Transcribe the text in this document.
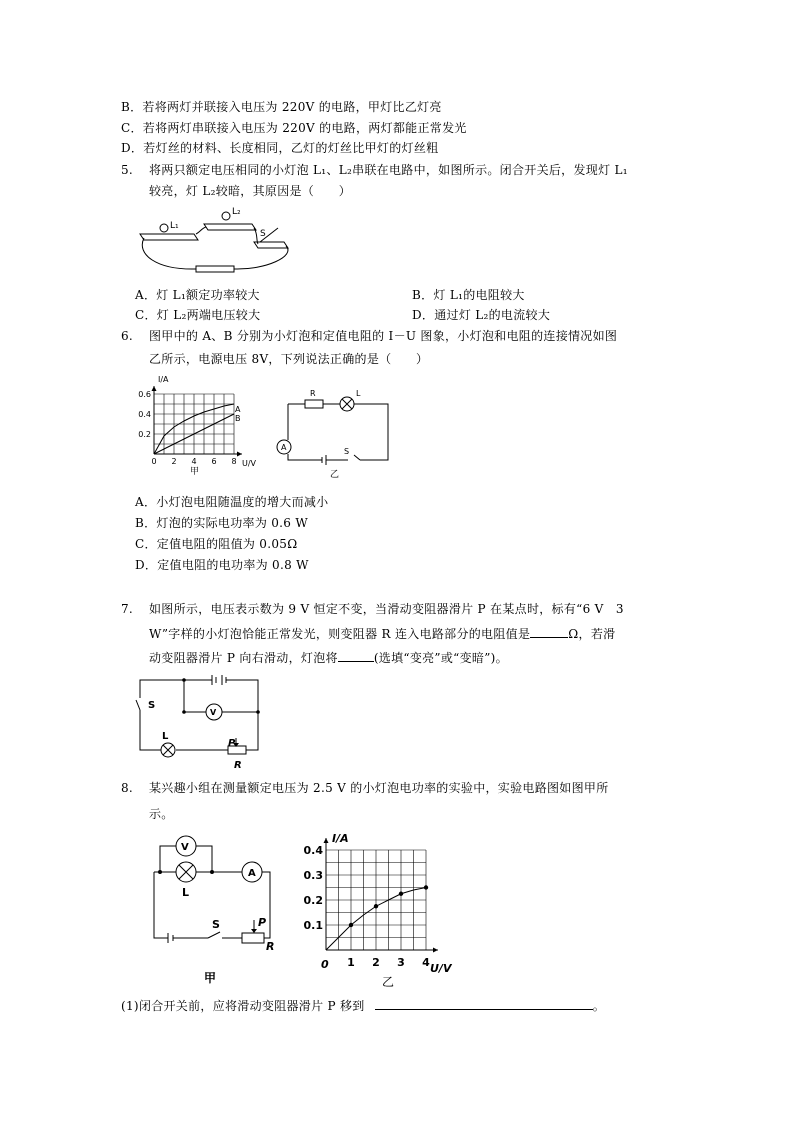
B．若将两灯并联接入电压为 220V 的电路，甲灯比乙灯亮
C．若将两灯串联接入电压为 220V 的电路，两灯都能正常发光
D．若灯丝的材料、长度相同，乙灯的灯丝比甲灯的灯丝粗
5. 将两只额定电压相同的小灯泡 L₁、L₂串联在电路中，如图所示。闭合开关后，发现灯 L₁
较亮，灯 L₂较暗，其原因是（　　）
L₁
L₂
S
A．灯 L₁额定功率较大	B．灯 L₁的电阻较大
C．灯 L₂两端电压较大	D．通过灯 L₂的电流较大
6. 图甲中的 A、B 分别为小灯泡和定值电阻的 I－U 图象，小灯泡和电阻的连接情况如图
乙所示，电源电压 8V，下列说法正确的是（　　）
0 2 4 6 8
0.2
0.4
0.6
I/A
U/V
甲
A
B
R	L
A	S
乙
A．小灯泡电阻随温度的增大而减小
B．灯泡的实际电功率为 0.6 W
C．定值电阻的阻值为 0.05Ω
D．定值电阻的电功率为 0.8 W
7. 如图所示，电压表示数为 9 V 恒定不变，当滑动变阻器滑片 P 在某点时，标有“6 V　3
W”字样的小灯泡恰能正常发光，则变阻器 R 连入电路部分的电阻值是	Ω，若滑
动变阻器滑片 P 向右滑动，灯泡将	(选填“变亮”或“变暗”)。
V
S
L
P
R
8. 某兴趣小组在测量额定电压为 2.5 V 的小灯泡电功率的实验中，实验电路图如图甲所
示。
V
A
L
S	P
R
甲
1 2 3 4
0.1
0.2
0.3
0.4
I/A
U/V
0
乙
(1)闭合开关前，应将滑动变阻器滑片 P 移到	。
